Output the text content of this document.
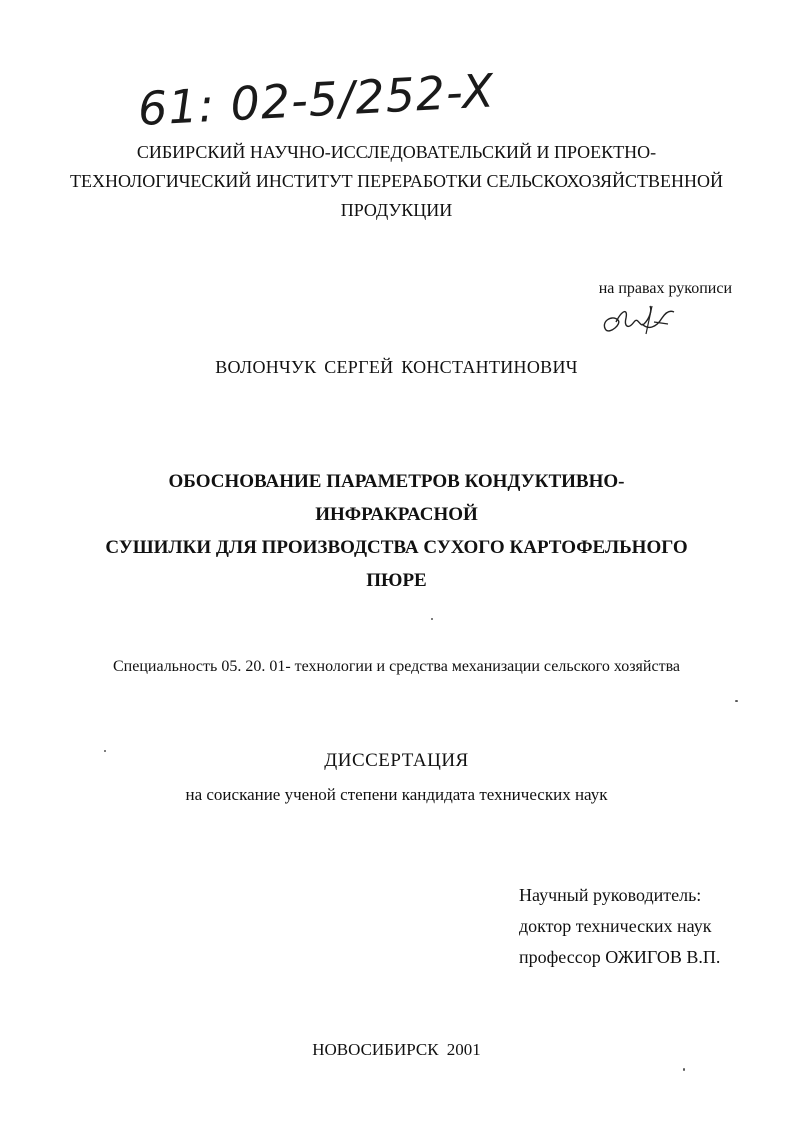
61: 02-5/252-X
СИБИРСКИЙ НАУЧНО-ИССЛЕДОВАТЕЛЬСКИЙ И ПРОЕКТНО-
ТЕХНОЛОГИЧЕСКИЙ ИНСТИТУТ ПЕРЕРАБОТКИ СЕЛЬСКОХОЗЯЙСТВЕННОЙ
ПРОДУКЦИИ
на правах рукописи
ВОЛОНЧУК СЕРГЕЙ КОНСТАНТИНОВИЧ
ОБОСНОВАНИЕ ПАРАМЕТРОВ КОНДУКТИВНО-
ИНФРАКРАСНОЙ
СУШИЛКИ ДЛЯ ПРОИЗВОДСТВА СУХОГО КАРТОФЕЛЬНОГО
ПЮРЕ
Специальность 05. 20. 01- технологии и средства механизации сельского хозяйства
ДИССЕРТАЦИЯ
на соискание ученой степени кандидата технических наук
Научный руководитель:
доктор технических наук
профессор ОЖИГОВ В.П.
НОВОСИБИРСК 2001
